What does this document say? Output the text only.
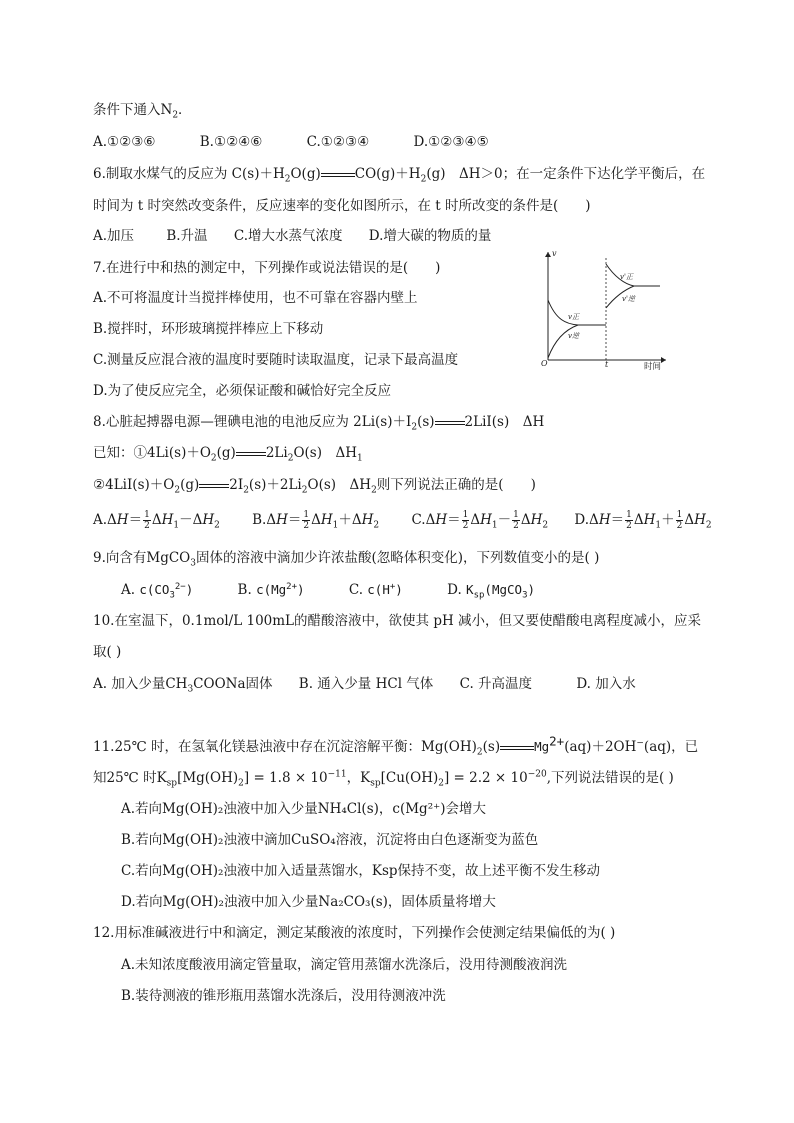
条件下通入$N_2$．
A.①②③⑥	B.①②④⑥	C.①②③④	D.①②③④⑤
6.制取水煤气的反应为 $C(s)+H_2O(g)$	$CO(g)+H_2(g)$　ΔH＞0；在一定条件下达化学平衡后，在
时间为 t 时突然改变条件，反应速率的变化如图所示，在 t 时所改变的条件是(　　)
A.加压 B.升温 C.增大水蒸气浓度 D.增大碳的物质的量
v
时间
O	t
v正
v逆
v'正
v'逆
7.在进行中和热的测定中，下列操作或说法错误的是(　　)
A.不可将温度计当搅拌棒使用，也不可靠在容器内壁上
B.搅拌时，环形玻璃搅拌棒应上下移动
C.测量反应混合液的温度时要随时读取温度，记录下最高温度
D.为了使反应完全，必须保证酸和碱恰好完全反应
8.心脏起搏器电源—锂碘电池的电池反应为 $2Li(s)+I_2(s)$ 2LiI(s)　ΔH
已知：$①4Li(s)+O_2(g)$ $2Li_2O(s)$　$\Delta H_1$
$②4LiI(s)+O_2(g)$ $2I_2(s)+2Li_2O(s)$　$\Delta H_2$则下列说法正确的是(　　)
$A.\Delta H= \frac{1}{2} \Delta H_1-\Delta H_2$ $B.\Delta H= \frac{1}{2} \Delta H_1+\Delta H_2$ $C.\Delta H= \frac{1}{2} \Delta H_1- \frac{1}{2} \Delta H_2$ $D.\Delta H= \frac{1}{2} \Delta H_1+ \frac{1}{2} \Delta H_2$
9.向含有MgCO$_3$固体的溶液中滴加少许浓盐酸(忽略体积变化)，下列数值变小的是( )
A. $c(CO_3^{2-})$	B. $c(Mg^{2+})$	C. c(H+)	D. $K_{sp}(MgCO_3)$
10.在室温下，0.1mol/L 100mL的醋酸溶液中，欲使其 pH 减小，但又要使醋酸电离程度减小，应采
取( )
A. 加入少量$CH_3COONa$固体 B. 通入少量 HCl 气体 C. 升高温度	D. 加入水
11.25℃ 时，在氢氧化镁悬浊液中存在沉淀溶解平衡：$Mg(OH)_2(s)$	$Mg^{2+}(aq)+2OH^-(aq)$，已
知25℃ 时$K_{sp}[Mg(OH)_2] = 1.8 \times 10^{-11}$，$K_{sp}[Cu(OH)_2] = 2.2 \times 10^{-20}$,下列说法错误的是( )
A.若向Mg(OH)₂浊液中加入少量NH₄Cl(s)，c(Mg²⁺)会增大
B.若向Mg(OH)₂浊液中滴加CuSO₄溶液，沉淀将由白色逐渐变为蓝色
C.若向Mg(OH)₂浊液中加入适量蒸馏水，Ksp保持不变，故上述平衡不发生移动
D.若向Mg(OH)₂浊液中加入少量Na₂CO₃(s)，固体质量将增大
12.用标准碱液进行中和滴定，测定某酸液的浓度时，下列操作会使测定结果偏低的为( )
A.未知浓度酸液用滴定管量取，滴定管用蒸馏水洗涤后，没用待测酸液润洗
B.装待测液的锥形瓶用蒸馏水洗涤后，没用待测液冲洗
